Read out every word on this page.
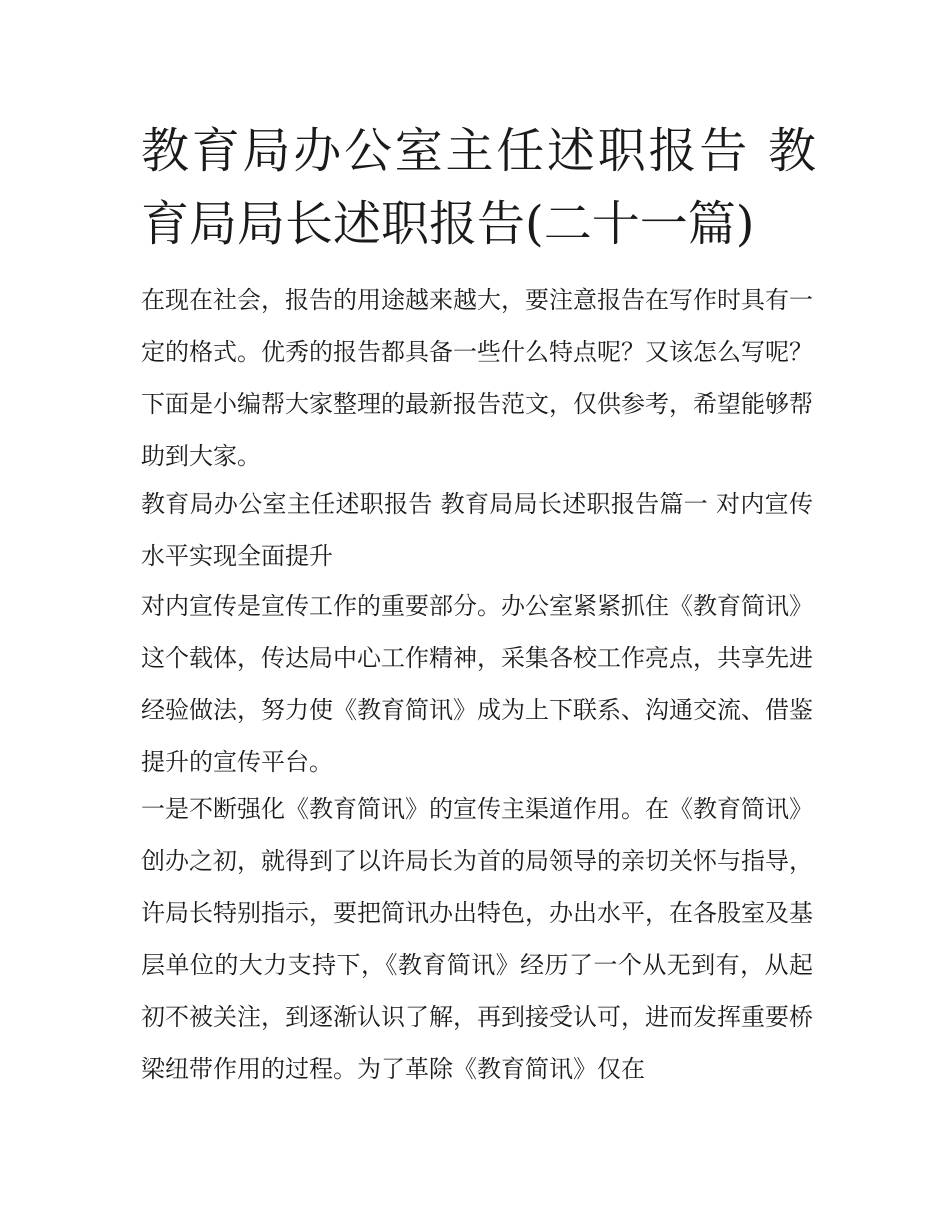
教育局办公室主任述职报告 教育局局长述职报告(二十一篇)

在现在社会，报告的用途越来越大，要注意报告在写作时具有一定的格式。优秀的报告都具备一些什么特点呢？又该怎么写呢？下面是小编帮大家整理的最新报告范文，仅供参考，希望能够帮助到大家。

教育局办公室主任述职报告 教育局局长述职报告篇一 对内宣传水平实现全面提升

对内宣传是宣传工作的重要部分。办公室紧紧抓住《教育简讯》这个载体，传达局中心工作精神，采集各校工作亮点，共享先进经验做法，努力使《教育简讯》成为上下联系、沟通交流、借鉴提升的宣传平台。

一是不断强化《教育简讯》的宣传主渠道作用。在《教育简讯》创办之初，就得到了以许局长为首的局领导的亲切关怀与指导，许局长特别指示，要把简讯办出特色，办出水平，在各股室及基层单位的大力支持下，《教育简讯》经历了一个从无到有，从起初不被关注，到逐渐认识了解，再到接受认可，进而发挥重要桥梁纽带作用的过程。为了革除《教育简讯》仅在
